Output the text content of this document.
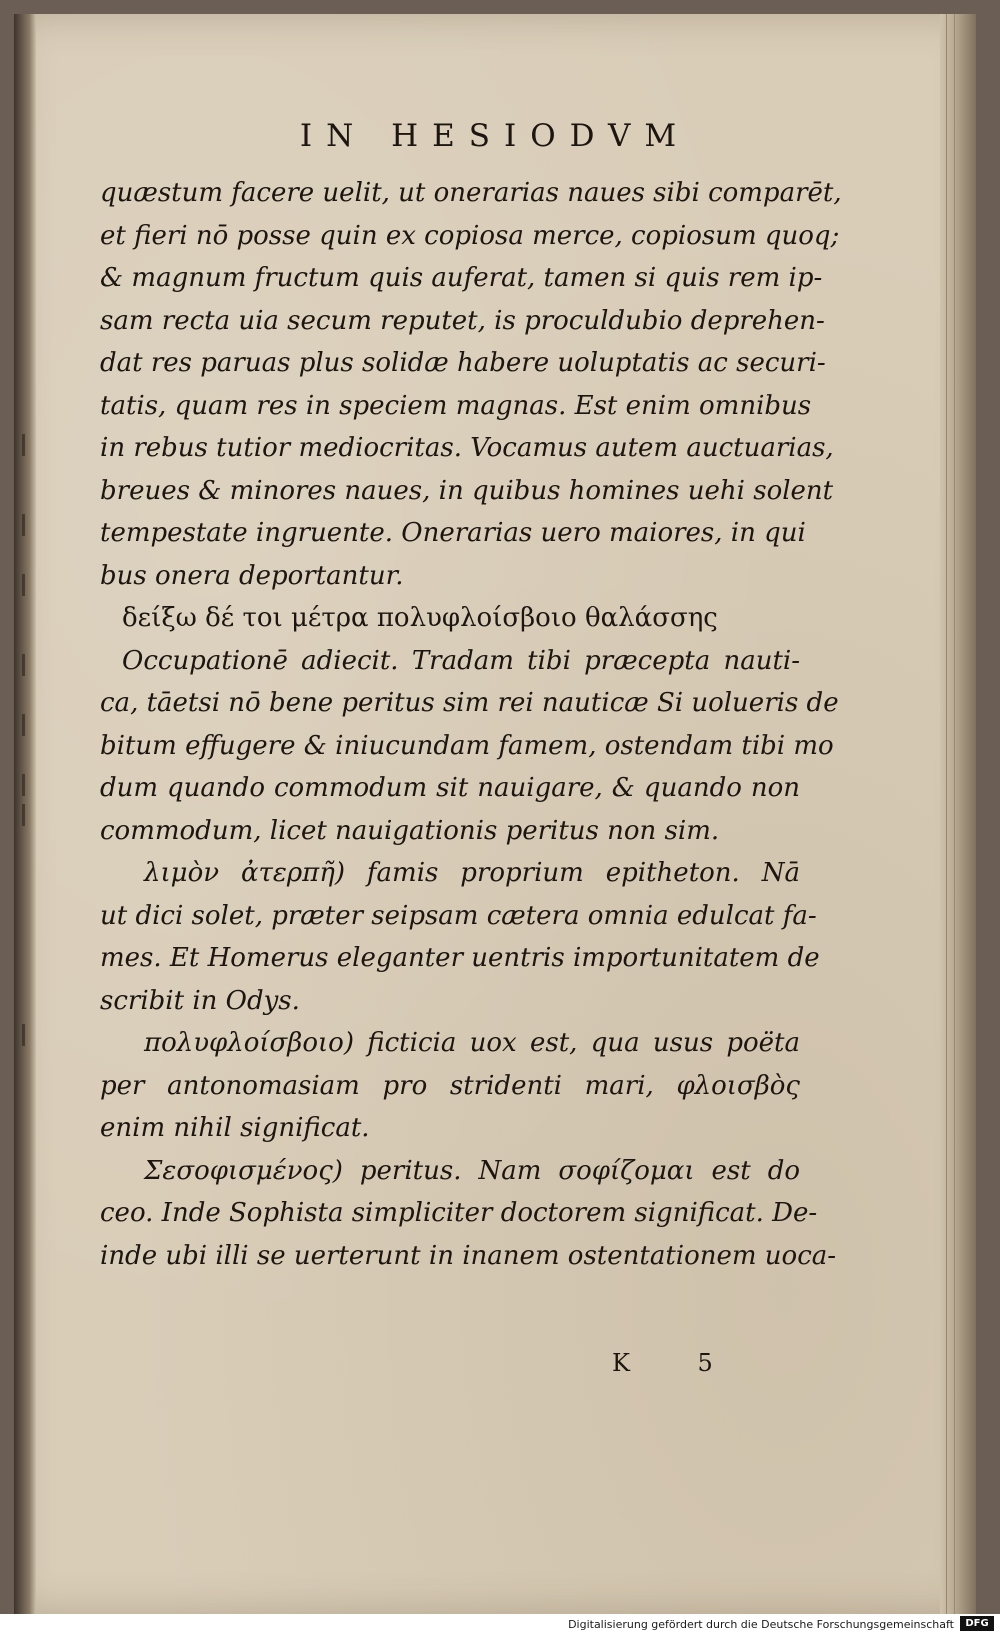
IN HESIODVM
quæstum facere uelit, ut onerarias naues sibi comparēt,
et fieri nō posse quin ex copiosa merce, copiosum quoq;
& magnum fructum quis auferat, tamen si quis rem ip-
sam recta uia secum reputet, is proculdubio deprehen-
dat res paruas plus solidæ habere uoluptatis ac securi-
tatis, quam res in speciem magnas. Est enim omnibus
in rebus tutior mediocritas. Vocamus autem auctuarias,
breues & minores naues, in quibus homines uehi solent
tempestate ingruente. Onerarias uero maiores, in qui
bus onera deportantur.
δείξω δέ τοι μέτρα πολυφλοίσβοιο θαλάσσης
Occupationē adiecit. Tradam tibi præcepta nauti-
ca, tāetsi nō bene peritus sim rei nauticæ Si uolueris de
bitum effugere & iniucundam famem, ostendam tibi mo
dum quando commodum sit nauigare, & quando non
commodum, licet nauigationis peritus non sim.
λιμὸν ἀτερπῆ) famis proprium epitheton. Nā
ut dici solet, præter seipsam cætera omnia edulcat fa-
mes. Et Homerus eleganter uentris importunitatem de
scribit in Odys.
πολυφλοίσβοιο) ficticia uox est, qua usus poëta
per antonomasiam pro stridenti mari, φλοισβὸς
enim nihil significat.
Σεσοφισμένος) peritus. Nam σοφίζομαι est do
ceo. Inde Sophista simpliciter doctorem significat. De-
inde ubi illi se uerterunt in inanem ostentationem uoca-
K 5
Digitalisierung gefördert durch die Deutsche Forschungsgemeinschaft	DFG
